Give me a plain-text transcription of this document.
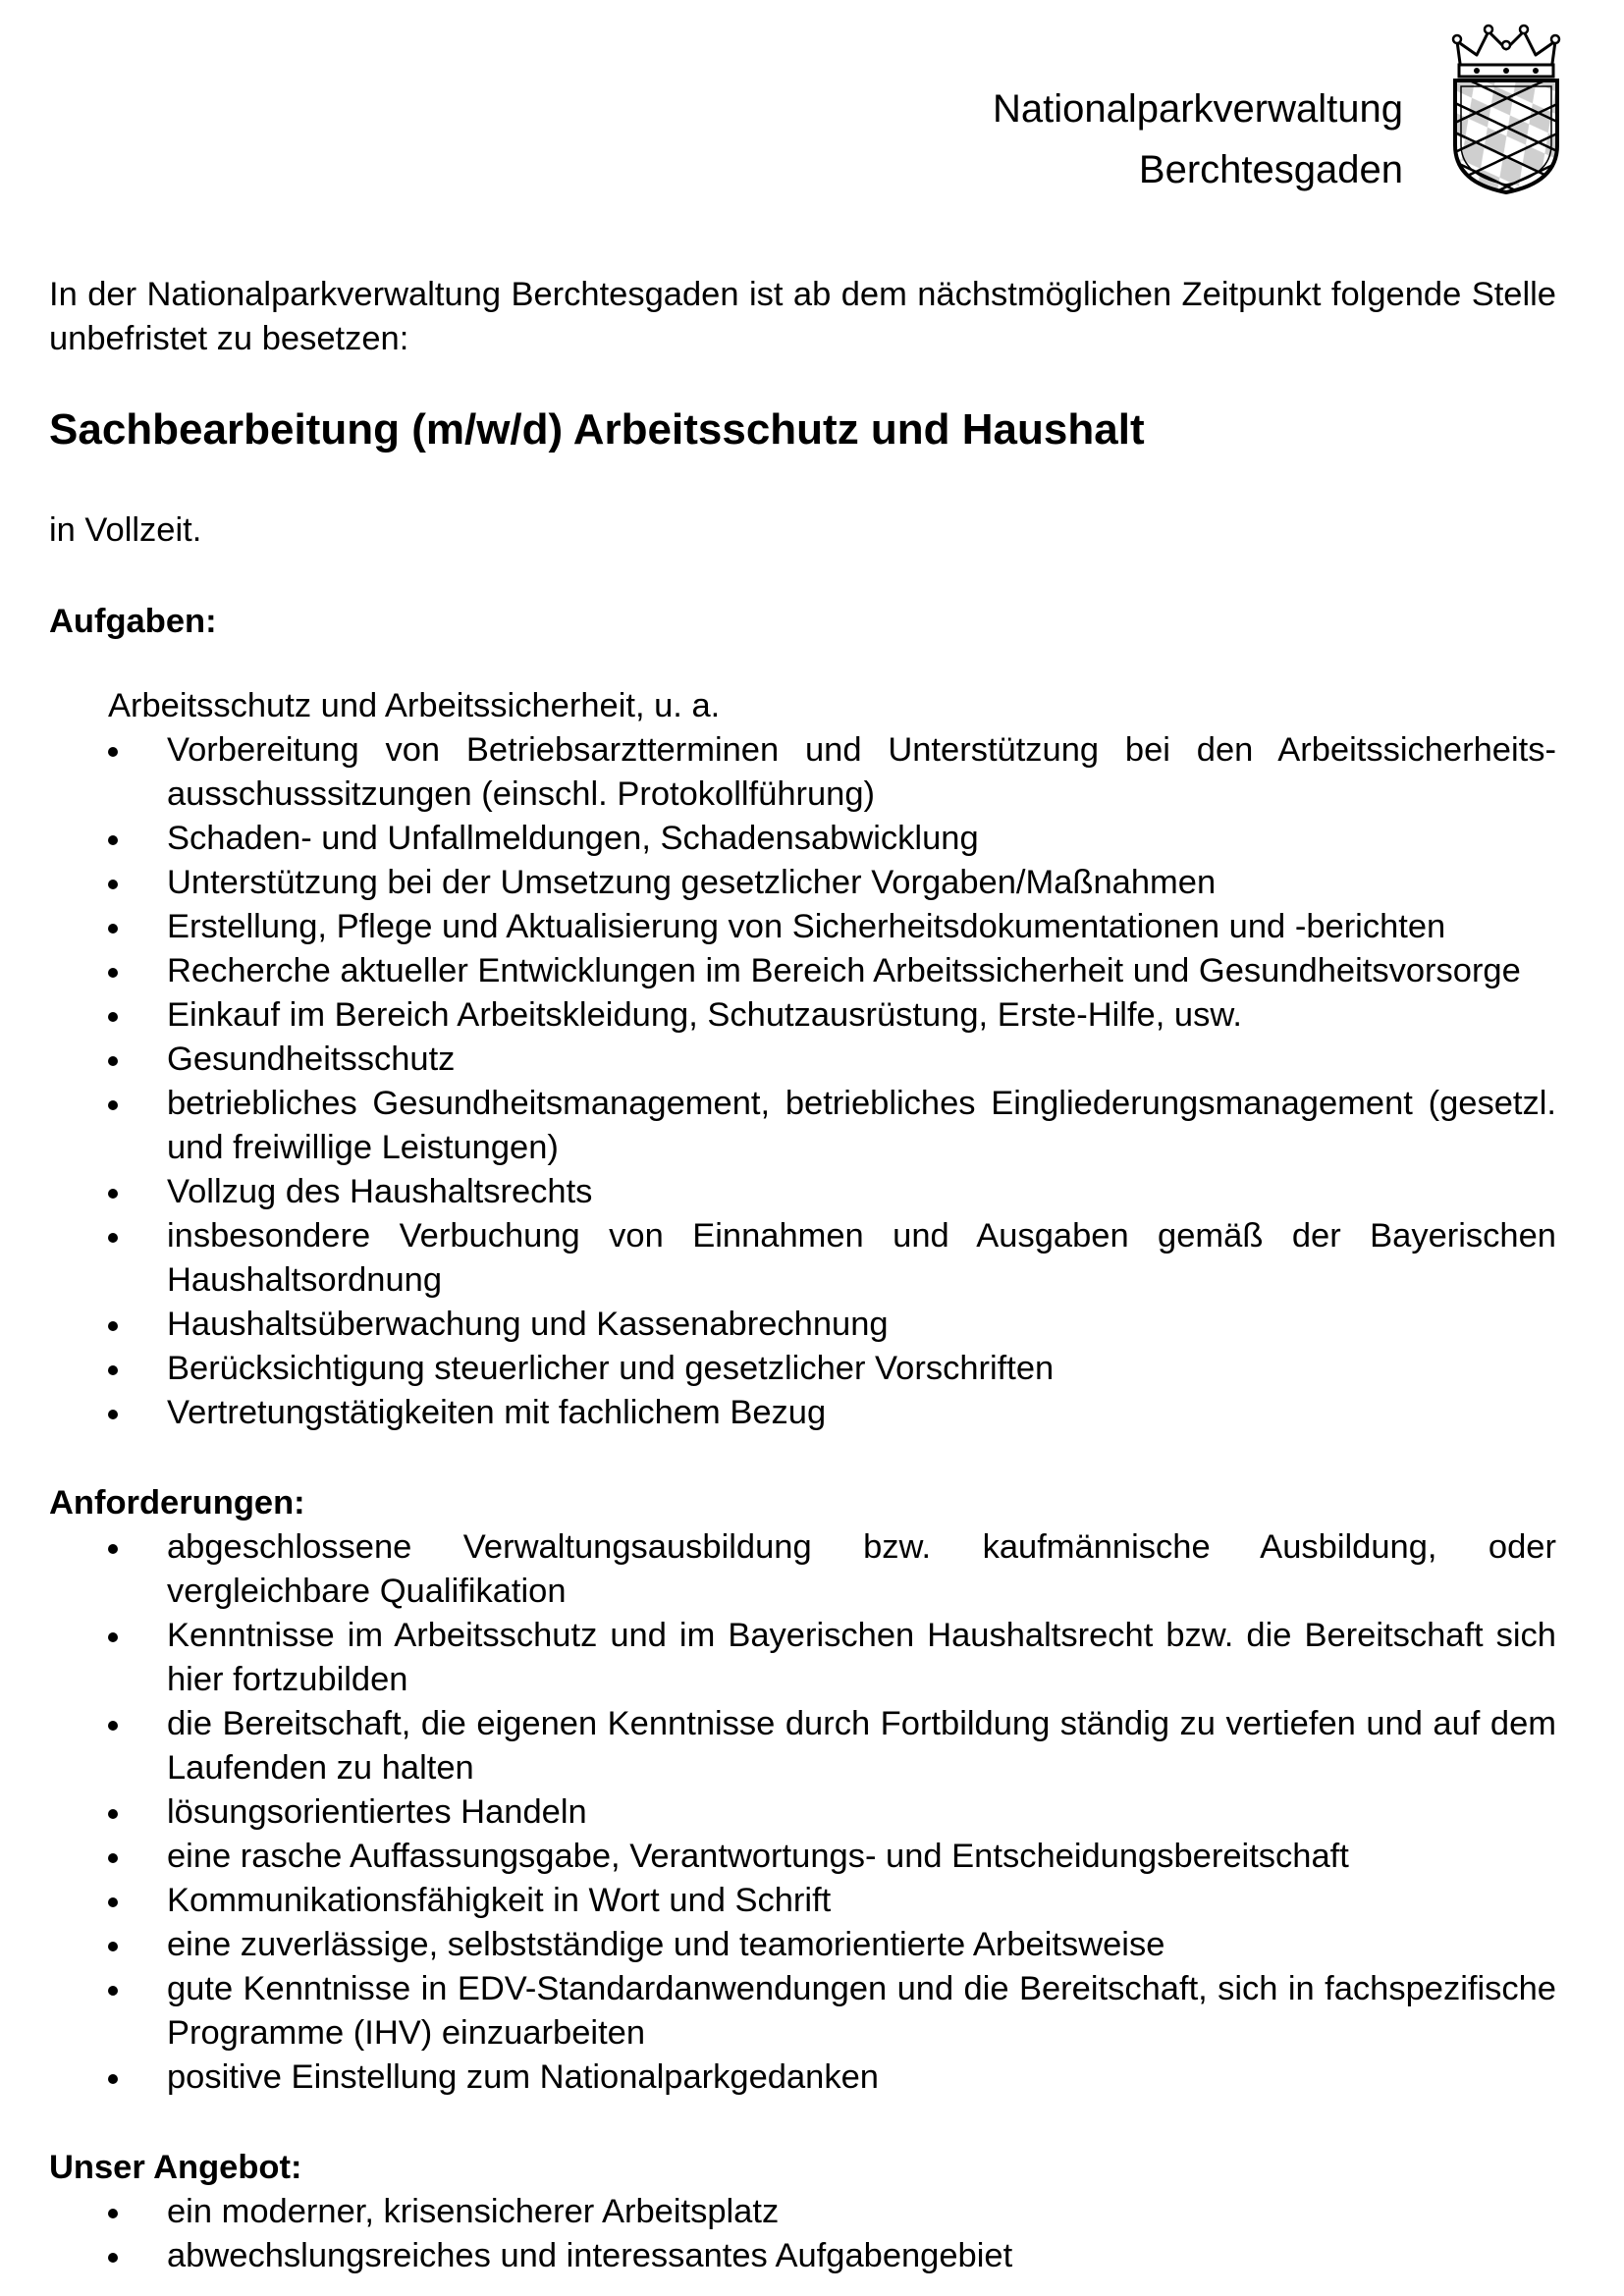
Nationalparkverwaltung
Berchtesgaden

In der Nationalparkverwaltung Berchtesgaden ist ab dem nächstmöglichen Zeitpunkt folgende Stelle unbefristet zu besetzen:

Sachbearbeitung (m/w/d) Arbeitsschutz und Haushalt

in Vollzeit.

Aufgaben:

Arbeitsschutz und Arbeitssicherheit, u. a.

Vorbereitung von Betriebsarztterminen und Unterstützung bei den Arbeitssicherheitsausschusssitzungen (einschl. Protokollführung)
Schaden- und Unfallmeldungen, Schadensabwicklung
Unterstützung bei der Umsetzung gesetzlicher Vorgaben/Maßnahmen
Erstellung, Pflege und Aktualisierung von Sicherheitsdokumentationen und -berichten
Recherche aktueller Entwicklungen im Bereich Arbeitssicherheit und Gesundheitsvorsorge
Einkauf im Bereich Arbeitskleidung, Schutzausrüstung, Erste-Hilfe, usw.
Gesundheitsschutz
betriebliches Gesundheitsmanagement, betriebliches Eingliederungsmanagement (gesetzl. und freiwillige Leistungen)
Vollzug des Haushaltsrechts
insbesondere Verbuchung von Einnahmen und Ausgaben gemäß der Bayerischen Haushaltsordnung
Haushaltsüberwachung und Kassenabrechnung
Berücksichtigung steuerlicher und gesetzlicher Vorschriften
Vertretungstätigkeiten mit fachlichem Bezug

Anforderungen:

abgeschlossene Verwaltungsausbildung bzw. kaufmännische Ausbildung, oder vergleichbare Qualifikation
Kenntnisse im Arbeitsschutz und im Bayerischen Haushaltsrecht bzw. die Bereitschaft sich hier fortzubilden
die Bereitschaft, die eigenen Kenntnisse durch Fortbildung ständig zu vertiefen und auf dem Laufenden zu halten
lösungsorientiertes Handeln
eine rasche Auffassungsgabe, Verantwortungs- und Entscheidungsbereitschaft
Kommunikationsfähigkeit in Wort und Schrift
eine zuverlässige, selbstständige und teamorientierte Arbeitsweise
gute Kenntnisse in EDV-Standardanwendungen und die Bereitschaft, sich in fachspezifische Programme (IHV) einzuarbeiten
positive Einstellung zum Nationalparkgedanken

Unser Angebot:

ein moderner, krisensicherer Arbeitsplatz
abwechslungsreiches und interessantes Aufgabengebiet
